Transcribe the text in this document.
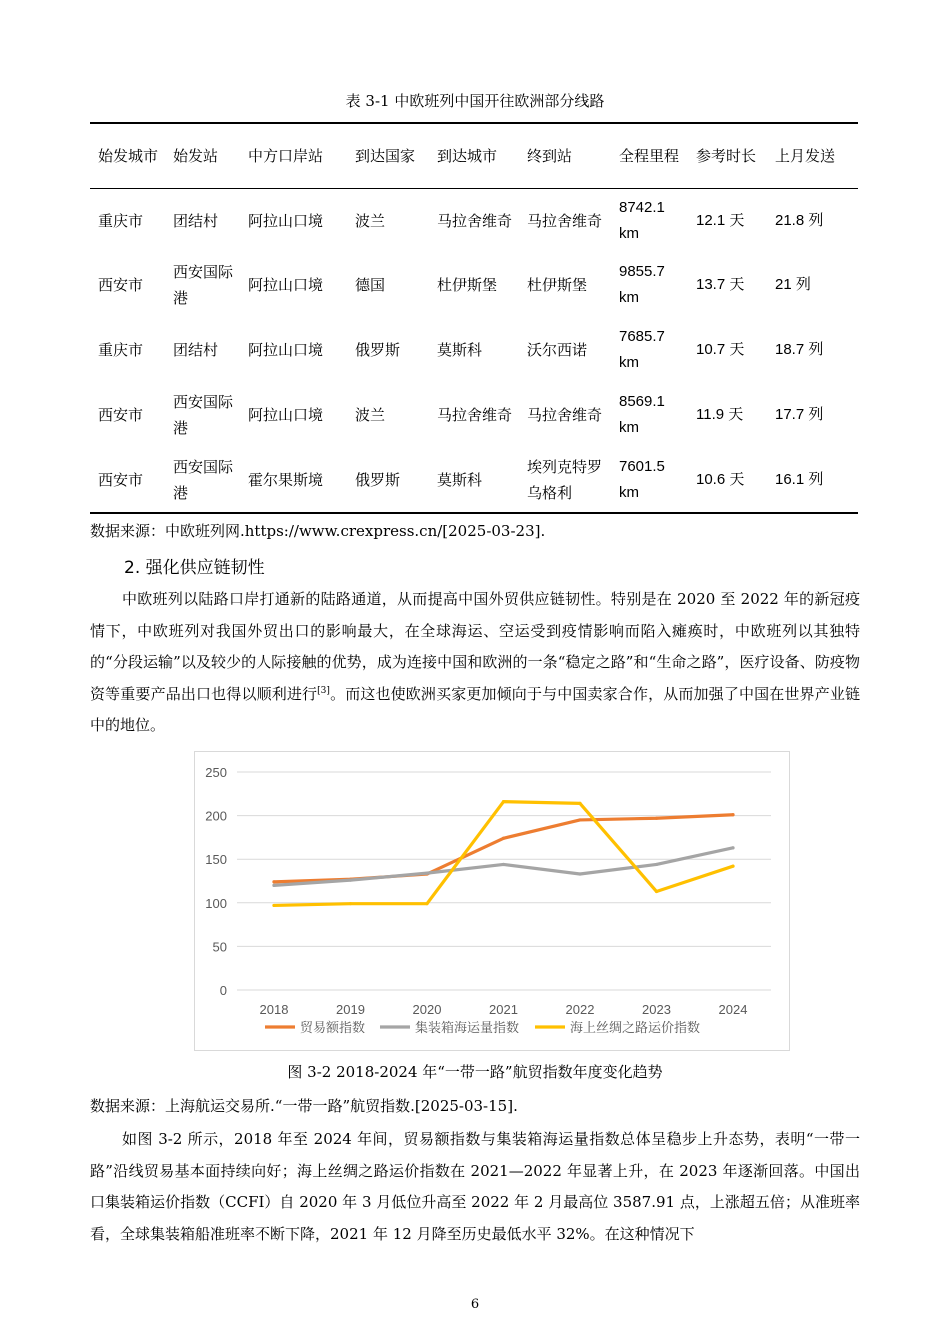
表 3-1 中欧班列中国开往欧洲部分线路
始发城市	始发站	中方口岸站	到达国家	到达城市	终到站	全程里程	参考时长	上月发送
重庆市	团结村	阿拉山口境	波兰	马拉舍维奇	马拉舍维奇	8742.1 km	12.1 天	21.8 列
西安市	西安国际港	阿拉山口境	德国	杜伊斯堡	杜伊斯堡	9855.7 km	13.7 天	21 列
重庆市	团结村	阿拉山口境	俄罗斯	莫斯科	沃尔西诺	7685.7 km	10.7 天	18.7 列
西安市	西安国际港	阿拉山口境	波兰	马拉舍维奇	马拉舍维奇	8569.1 km	11.9 天	17.7 列
西安市	西安国际港	霍尔果斯境	俄罗斯	莫斯科	埃列克特罗乌格利	7601.5 km	10.6 天	16.1 列
数据来源：中欧班列网.https://www.crexpress.cn/[2025-03-23].
2. 强化供应链韧性

中欧班列以陆路口岸打通新的陆路通道，从而提高中国外贸供应链韧性。特别是在 2020 至 2022 年的新冠疫情下，中欧班列对我国外贸出口的影响最大，在全球海运、空运受到疫情影响而陷入瘫痪时，中欧班列以其独特的“分段运输”以及较少的人际接触的优势，成为连接中国和欧洲的一条“稳定之路”和“生命之路”，医疗设备、防疫物资等重要产品出口也得以顺利进行[3]。而这也使欧洲买家更加倾向于与中国卖家合作，从而加强了中国在世界产业链中的地位。

0
50
100
150
200
250
2018	2019	2020	2021	2022	2023	2024
贸易额指数	集装箱海运量指数	海上丝绸之路运价指数
图 3-2 2018-2024 年“一带一路”航贸指数年度变化趋势
数据来源：上海航运交易所.“一带一路”航贸指数.[2025-03-15].

如图 3-2 所示，2018 年至 2024 年间，贸易额指数与集装箱海运量指数总体呈稳步上升态势，表明“一带一路”沿线贸易基本面持续向好；海上丝绸之路运价指数在 2021—2022 年显著上升，在 2023 年逐渐回落。中国出口集装箱运价指数（CCFI）自 2020 年 3 月低位升高至 2022 年 2 月最高位 3587.91 点，上涨超五倍；从准班率看，全球集装箱船准班率不断下降，2021 年 12 月降至历史最低水平 32%。在这种情况下

6
